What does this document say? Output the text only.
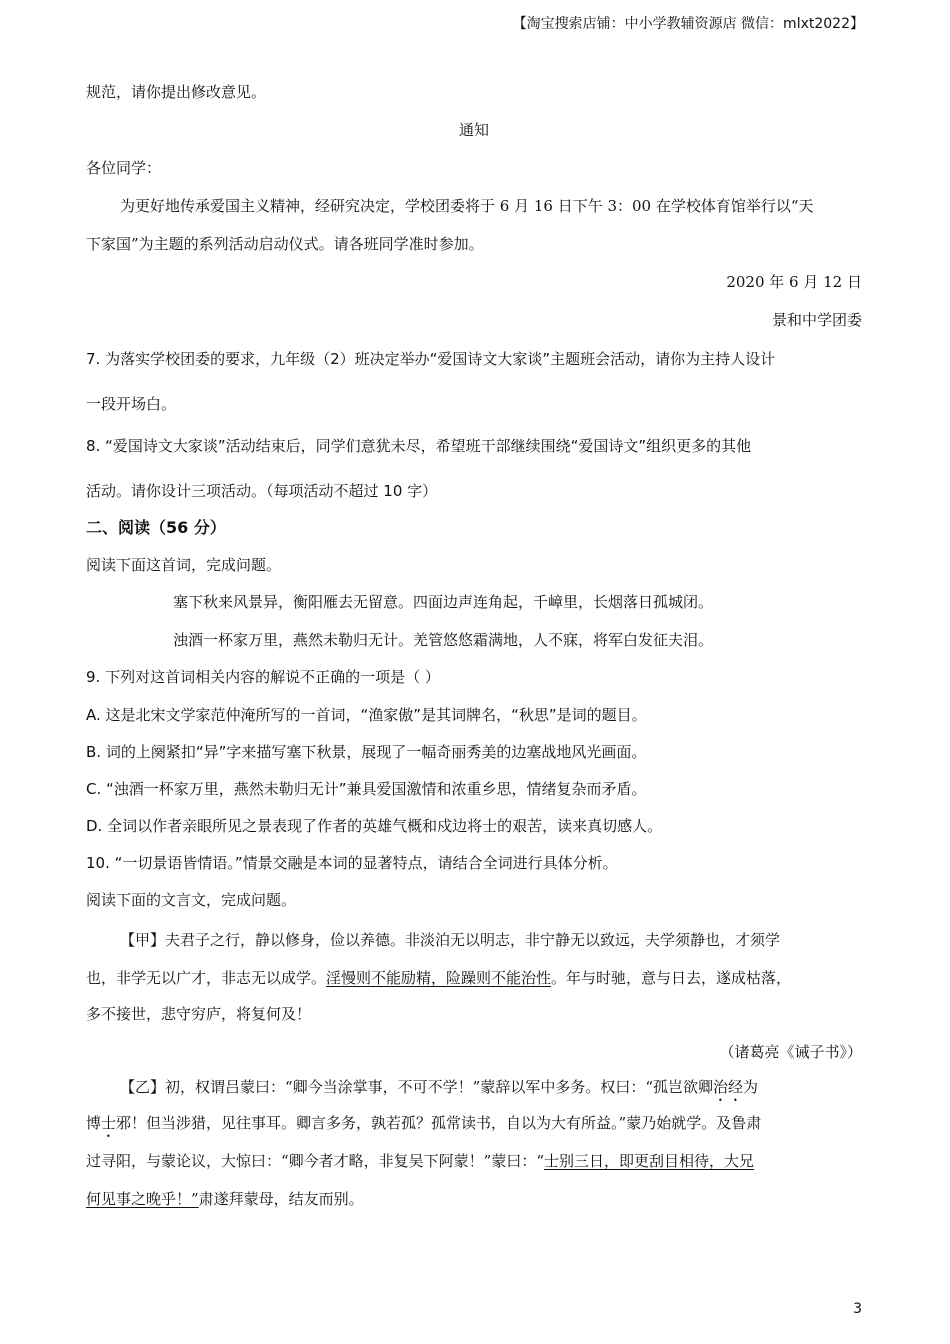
【淘宝搜索店铺：中小学教辅资源店 微信：mlxt2022】
规范，请你提出修改意见。
通知
各位同学：
为更好地传承爱国主义精神，经研究决定，学校团委将于 6 月 16 日下午 3：00 在学校体育馆举行以“天
下家国”为主题的系列活动启动仪式。请各班同学准时参加。
2020 年 6 月 12 日
景和中学团委
7. 为落实学校团委的要求，九年级（2）班决定举办“爱国诗文大家谈”主题班会活动，请你为主持人设计
一段开场白。
8. “爱国诗文大家谈”活动结束后，同学们意犹未尽，希望班干部继续围绕“爱国诗文”组织更多的其他
活动。请你设计三项活动。（每项活动不超过 10 字）
二、阅读（56 分）
阅读下面这首词，完成问题。
塞下秋来风景异，衡阳雁去无留意。四面边声连角起，千嶂里，长烟落日孤城闭。
浊酒一杯家万里，燕然未勒归无计。羌管悠悠霜满地，人不寐，将军白发征夫泪。
9. 下列对这首词相关内容的解说不正确的一项是（ ）
A. 这是北宋文学家范仲淹所写的一首词，“渔家傲”是其词牌名，“秋思”是词的题目。
B. 词的上阕紧扣“异”字来描写塞下秋景，展现了一幅奇丽秀美的边塞战地风光画面。
C. “浊酒一杯家万里，燕然未勒归无计”兼具爱国激情和浓重乡思，情绪复杂而矛盾。
D. 全词以作者亲眼所见之景表现了作者的英雄气概和戍边将士的艰苦，读来真切感人。
10. “一切景语皆情语。”情景交融是本词的显著特点，请结合全词进行具体分析。
阅读下面的文言文，完成问题。
【甲】夫君子之行，静以修身，俭以养德。非淡泊无以明志，非宁静无以致远，夫学须静也，才须学
也，非学无以广才，非志无以成学。淫慢则不能励精，险躁则不能治性。年与时驰，意与日去，遂成枯落，
多不接世，悲守穷庐，将复何及！
（诸葛亮《诫子书》）
【乙】初，权谓吕蒙曰：“卿今当涂掌事，不可不学！”蒙辞以军中多务。权曰：“孤岂欲卿治经为
博士邪！但当涉猎，见往事耳。卿言多务，孰若孤？孤常读书，自以为大有所益。”蒙乃始就学。及鲁肃
过寻阳，与蒙论议，大惊曰：“卿今者才略，非复吴下阿蒙！”蒙曰：“士别三日，即更刮目相待，大兄
何见事之晚乎！”肃遂拜蒙母，结友而别。
3
